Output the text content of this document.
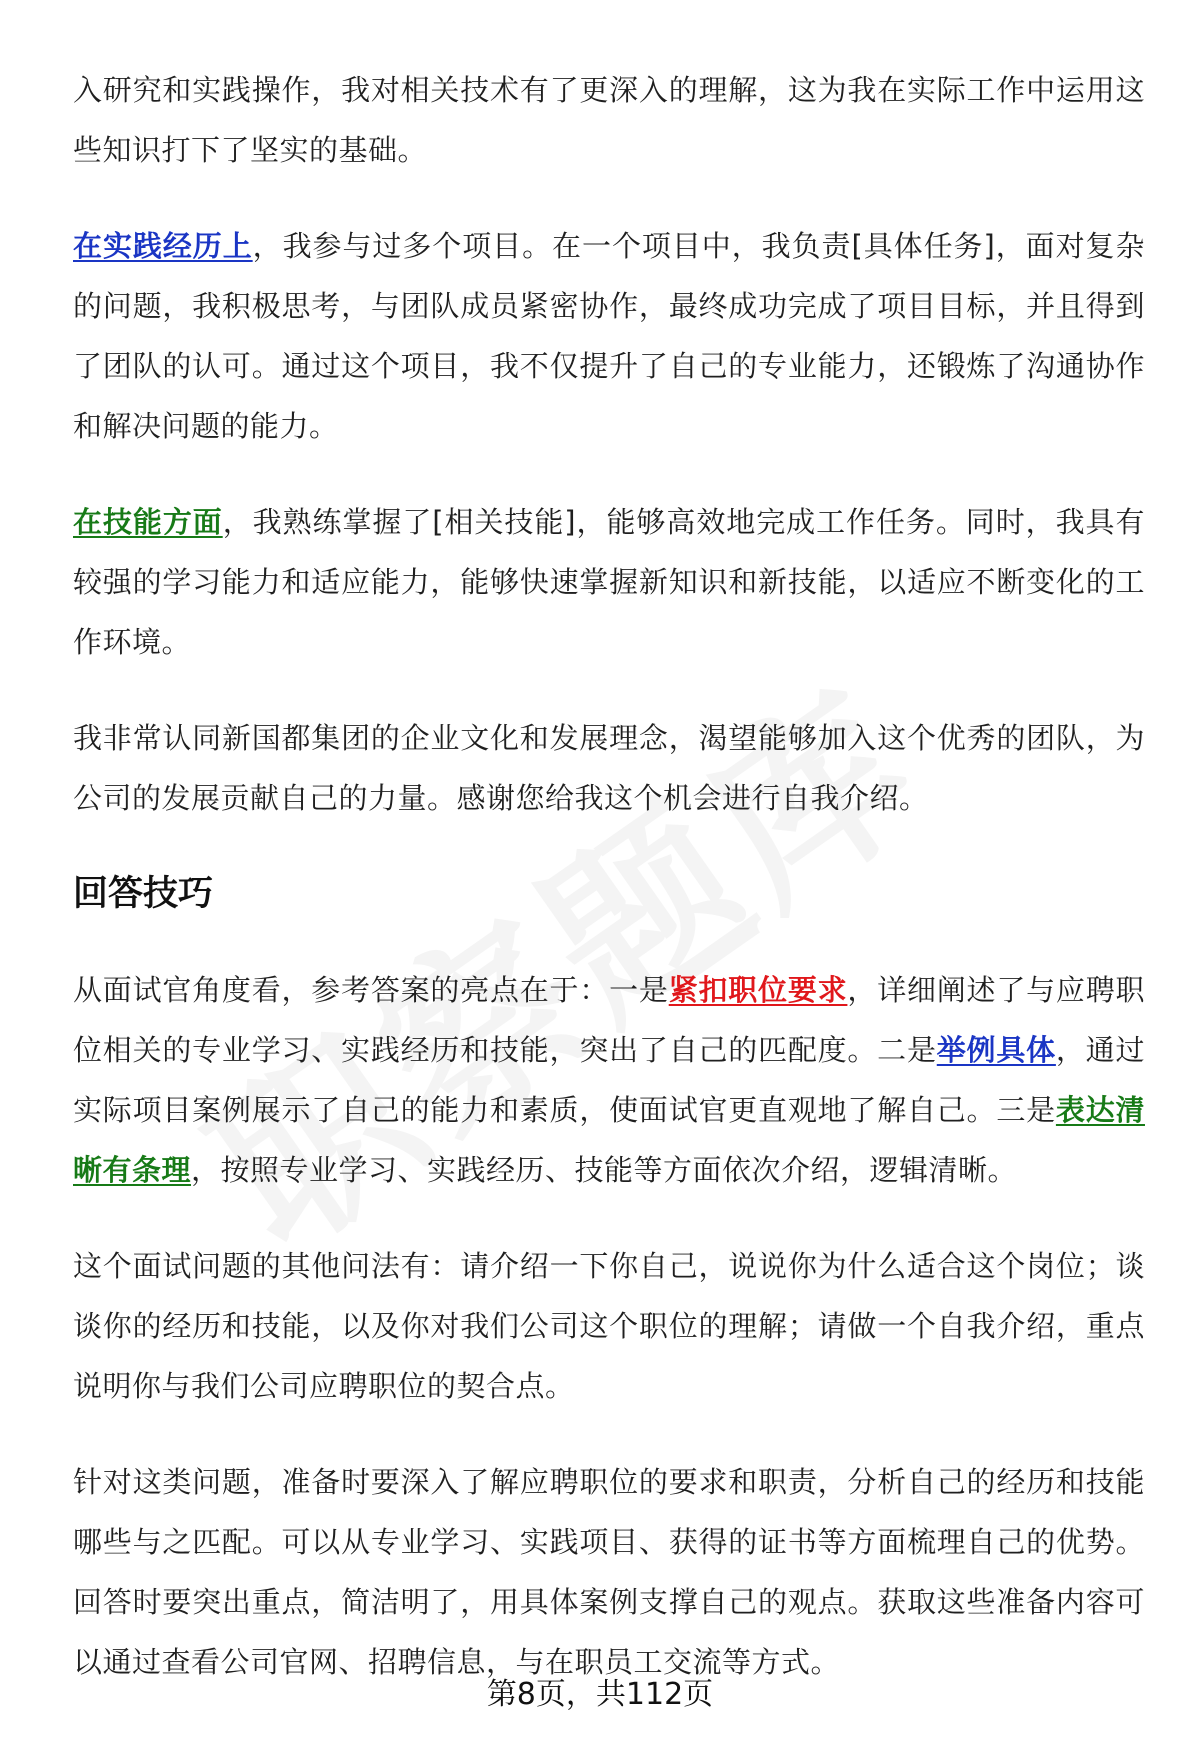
入研究和实践操作，我对相关技术有了更深入的理解，这为我在实际工作中运用这些知识打下了坚实的基础。

在实践经历上，我参与过多个项目。在一个项目中，我负责[具体任务]，面对复杂的问题，我积极思考，与团队成员紧密协作，最终成功完成了项目目标，并且得到了团队的认可。通过这个项目，我不仅提升了自己的专业能力，还锻炼了沟通协作和解决问题的能力。

在技能方面，我熟练掌握了[相关技能]，能够高效地完成工作任务。同时，我具有较强的学习能力和适应能力，能够快速掌握新知识和新技能，以适应不断变化的工作环境。

我非常认同新国都集团的企业文化和发展理念，渴望能够加入这个优秀的团队，为公司的发展贡献自己的力量。感谢您给我这个机会进行自我介绍。

回答技巧

从面试官角度看，参考答案的亮点在于：一是紧扣职位要求，详细阐述了与应聘职位相关的专业学习、实践经历和技能，突出了自己的匹配度。二是举例具体，通过实际项目案例展示了自己的能力和素质，使面试官更直观地了解自己。三是表达清晰有条理，按照专业学习、实践经历、技能等方面依次介绍，逻辑清晰。

这个面试问题的其他问法有：请介绍一下你自己，说说你为什么适合这个岗位；谈谈你的经历和技能，以及你对我们公司这个职位的理解；请做一个自我介绍，重点说明你与我们公司应聘职位的契合点。

针对这类问题，准备时要深入了解应聘职位的要求和职责，分析自己的经历和技能哪些与之匹配。可以从专业学习、实践项目、获得的证书等方面梳理自己的优势。回答时要突出重点，简洁明了，用具体案例支撑自己的观点。获取这些准备内容可以通过查看公司官网、招聘信息，与在职员工交流等方式。

第8页，共112页
